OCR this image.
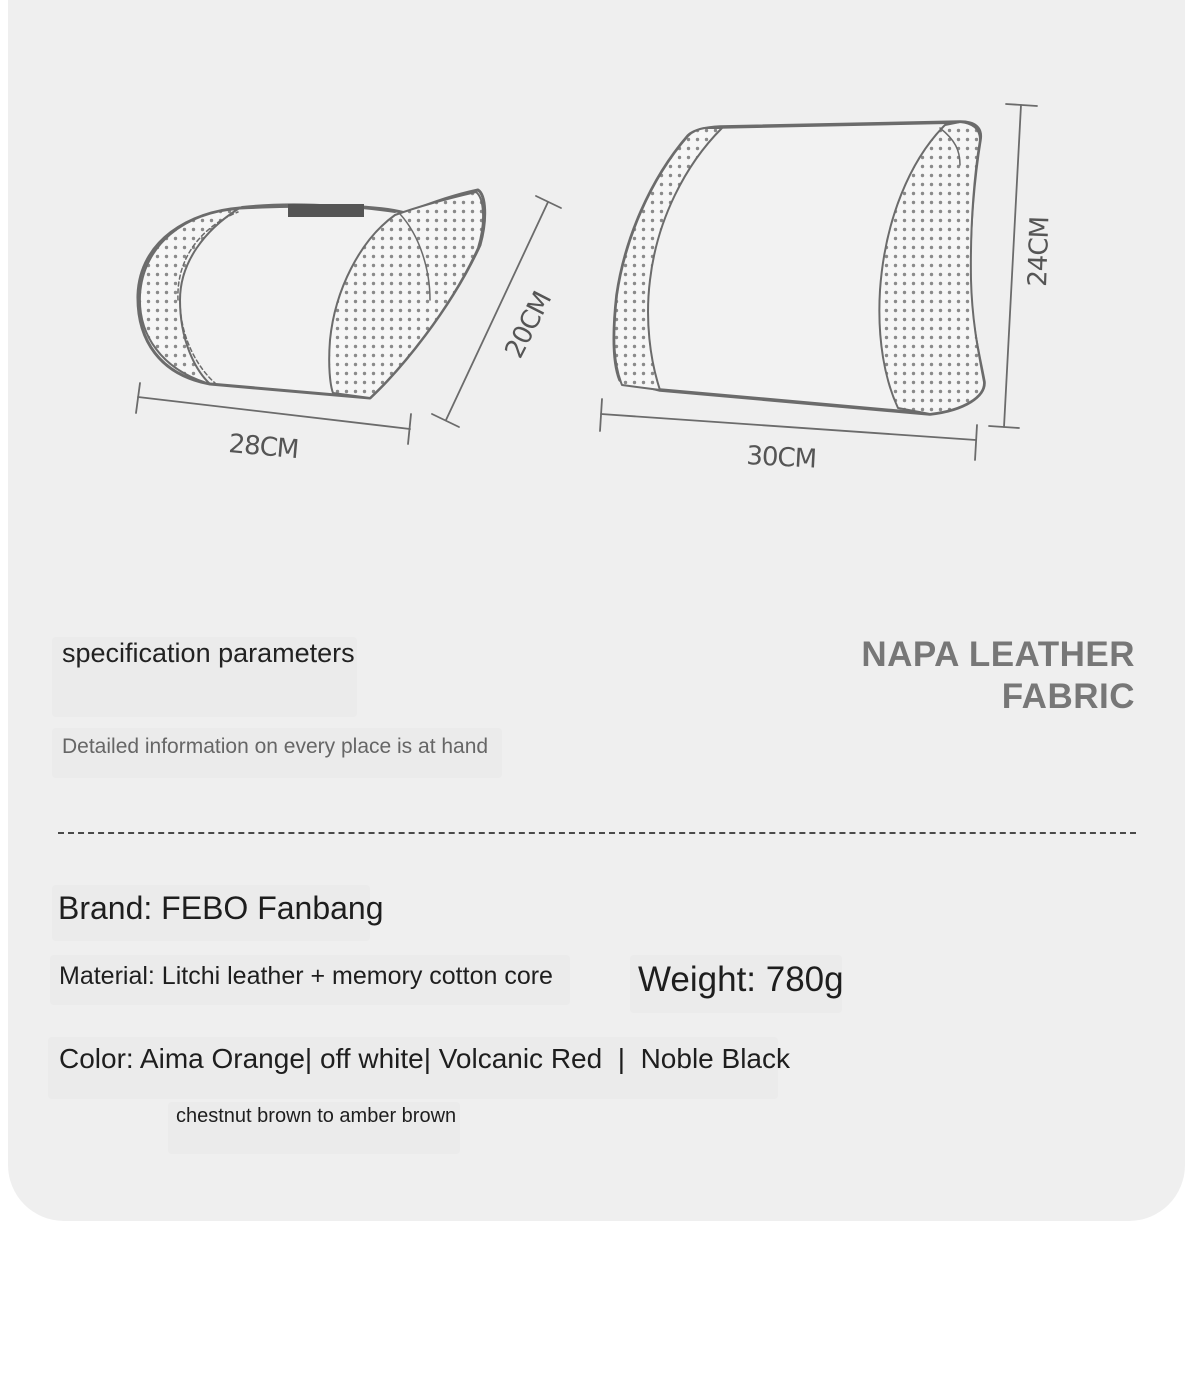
28CM
20CM
30CM
24CM
specification parameters
Detailed information on every place is at hand
NAPA LEATHER
FABRIC
Brand: FEBO Fanbang
Material: Litchi leather + memory cotton core Weight: 780g
Color: Aima Orange| off white| Volcanic Red  |  Noble Black
chestnut brown to amber brown
